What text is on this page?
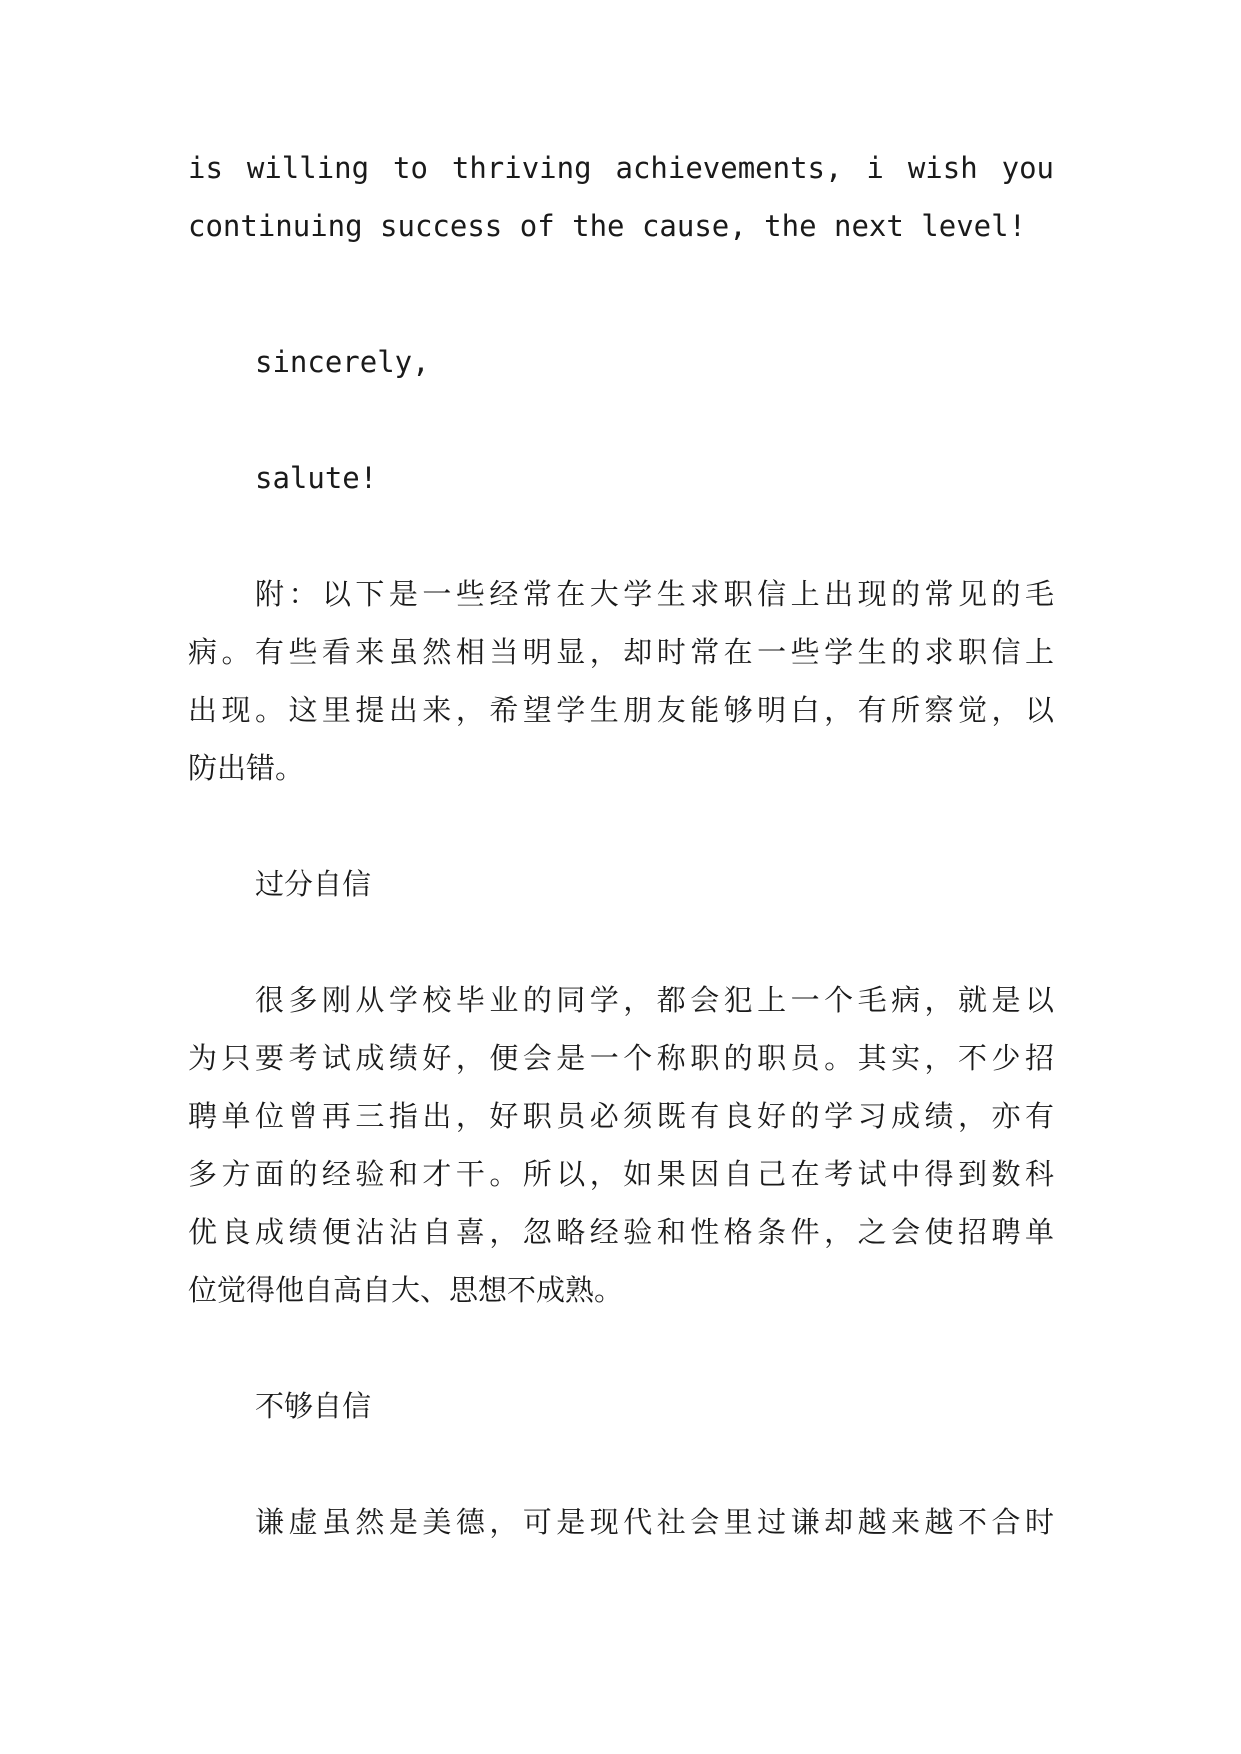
is willing to thriving achievements, i wish you
continuing success of the cause, the next level!
sincerely,
salute!
附：以下是一些经常在大学生求职信上出现的常见的毛
病。有些看来虽然相当明显，却时常在一些学生的求职信上
出现。这里提出来，希望学生朋友能够明白，有所察觉，以
防出错。
过分自信
很多刚从学校毕业的同学，都会犯上一个毛病，就是以
为只要考试成绩好，便会是一个称职的职员。其实，不少招
聘单位曾再三指出，好职员必须既有良好的学习成绩，亦有
多方面的经验和才干。所以，如果因自己在考试中得到数科
优良成绩便沾沾自喜，忽略经验和性格条件，之会使招聘单
位觉得他自高自大、思想不成熟。
不够自信
谦虚虽然是美德，可是现代社会里过谦却越来越不合时
